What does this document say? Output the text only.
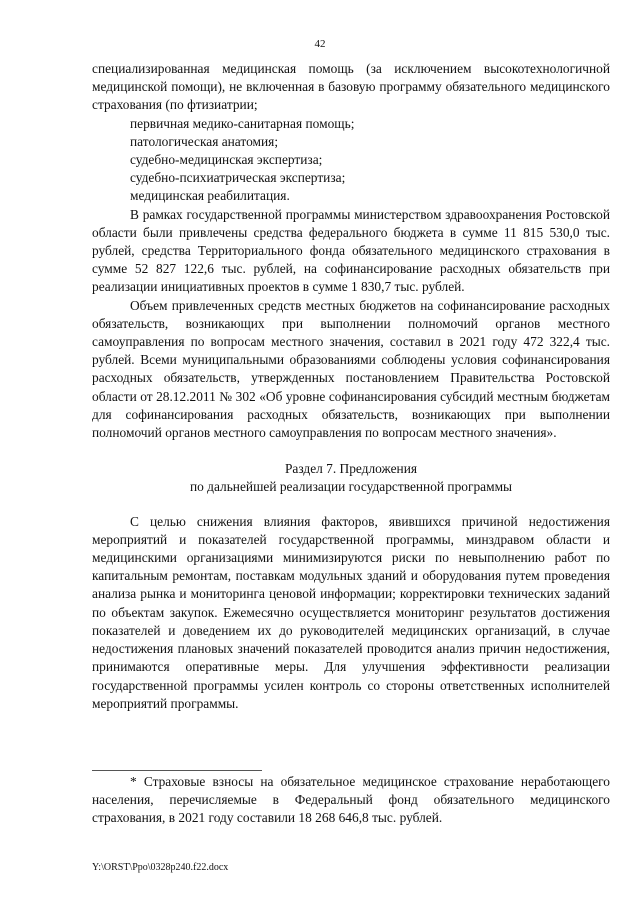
42

специализированная медицинская помощь (за исключением высокотехнологичной медицинской помощи), не включенная в базовую программу обязательного медицинского страхования (по фтизиатрии;

первичная медико-санитарная помощь;

патологическая анатомия;

судебно-медицинская экспертиза;

судебно-психиатрическая экспертиза;

медицинская реабилитация.

В рамках государственной программы министерством здравоохранения Ростовской области были привлечены средства федерального бюджета в сумме 11 815 530,0 тыс. рублей, средства Территориального фонда обязательного медицинского страхования в сумме 52 827 122,6 тыс. рублей, на софинансирование расходных обязательств при реализации инициативных проектов в сумме 1 830,7 тыс. рублей.

Объем привлеченных средств местных бюджетов на софинансирование расходных обязательств, возникающих при выполнении полномочий органов местного самоуправления по вопросам местного значения, составил в 2021 году 472 322,4 тыс. рублей. Всеми муниципальными образованиями соблюдены условия софинансирования расходных обязательств, утвержденных постановлением Правительства Ростовской области от 28.12.2011 № 302 «Об уровне софинансирования субсидий местным бюджетам для софинансирования расходных обязательств, возникающих при выполнении полномочий органов местного самоуправления по вопросам местного значения».

Раздел 7. Предложения
по дальнейшей реализации государственной программы

С целью снижения влияния факторов, явившихся причиной недостижения мероприятий и показателей государственной программы, минздравом области и медицинскими организациями минимизируются риски по невыполнению работ по капитальным ремонтам, поставкам модульных зданий и оборудования путем проведения анализа рынка и мониторинга ценовой информации; корректировки технических заданий по объектам закупок. Ежемесячно осуществляется мониторинг результатов достижения показателей и доведением их до руководителей медицинских организаций, в случае недостижения плановых значений показателей проводится анализ причин недостижения, принимаются оперативные меры. Для улучшения эффективности реализации государственной программы усилен контроль со стороны ответственных исполнителей мероприятий программы.

* Страховые взносы на обязательное медицинское страхование неработающего населения, перечисляемые в Федеральный фонд обязательного медицинского страхования, в 2021 году составили 18 268 646,8 тыс. рублей.

Y:\ORST\Ppo\0328p240.f22.docx
